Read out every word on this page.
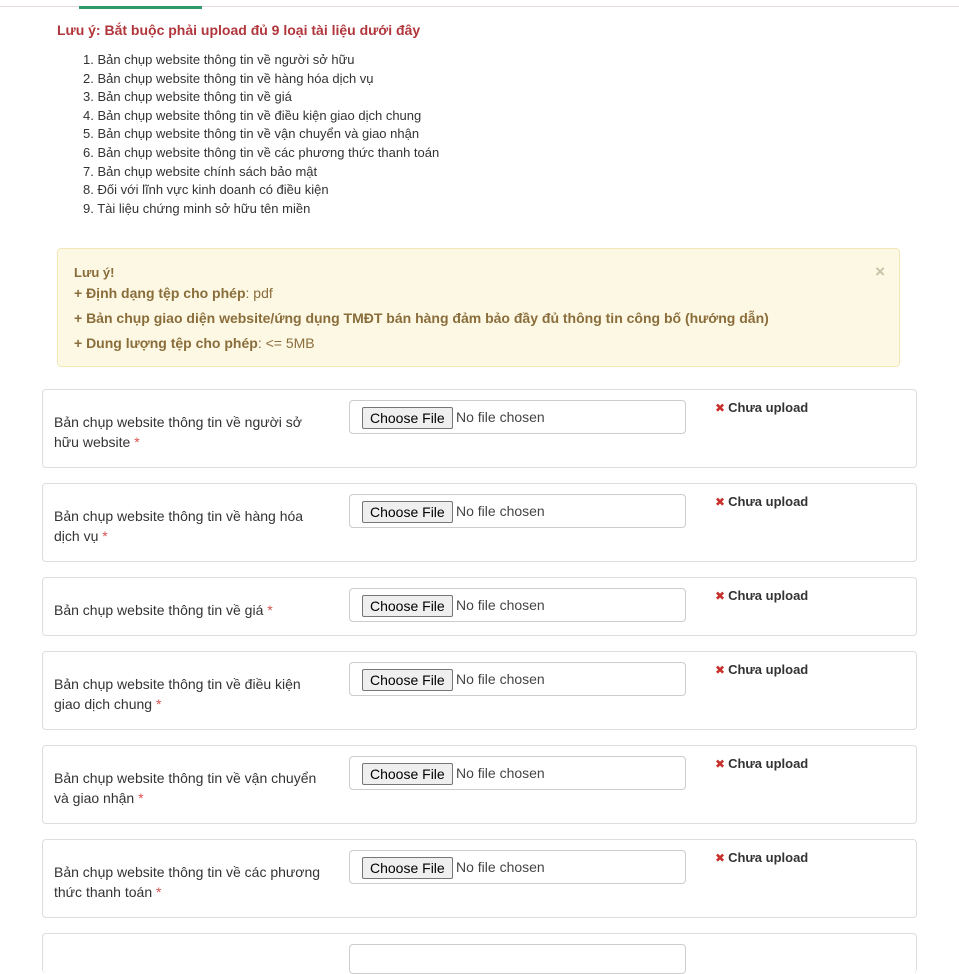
Lưu ý: Bắt buộc phải upload đủ 9 loại tài liệu dưới đây
1. Bản chụp website thông tin về người sở hữu
2. Bản chụp website thông tin về hàng hóa dịch vụ
3. Bản chụp website thông tin về giá
4. Bản chụp website thông tin về điều kiện giao dịch chung
5. Bản chụp website thông tin về vận chuyển và giao nhận
6. Bản chụp website thông tin về các phương thức thanh toán
7. Bản chụp website chính sách bảo mật
8. Đối với lĩnh vực kinh doanh có điều kiện
9. Tài liệu chứng minh sở hữu tên miền
Lưu ý!
+ Định dạng tệp cho phép: pdf
+ Bản chụp giao diện website/ứng dụng TMĐT bán hàng đảm bảo đầy đủ thông tin công bố (hướng dẫn)
+ Dung lượng tệp cho phép: <= 5MB
×
Bản chụp website thông tin về người sở hữu website *
Choose File No file chosen
✖ Chưa upload
Bản chụp website thông tin về hàng hóa dịch vụ *
Choose File No file chosen
✖ Chưa upload
Bản chụp website thông tin về giá *	Choose File No file chosen
✖ Chưa upload
Bản chụp website thông tin về điều kiện giao dịch chung *
Choose File No file chosen
✖ Chưa upload
Bản chụp website thông tin về vận chuyển và giao nhận *
Choose File No file chosen
✖ Chưa upload
Bản chụp website thông tin về các phương thức thanh toán *
Choose File No file chosen
✖ Chưa upload
